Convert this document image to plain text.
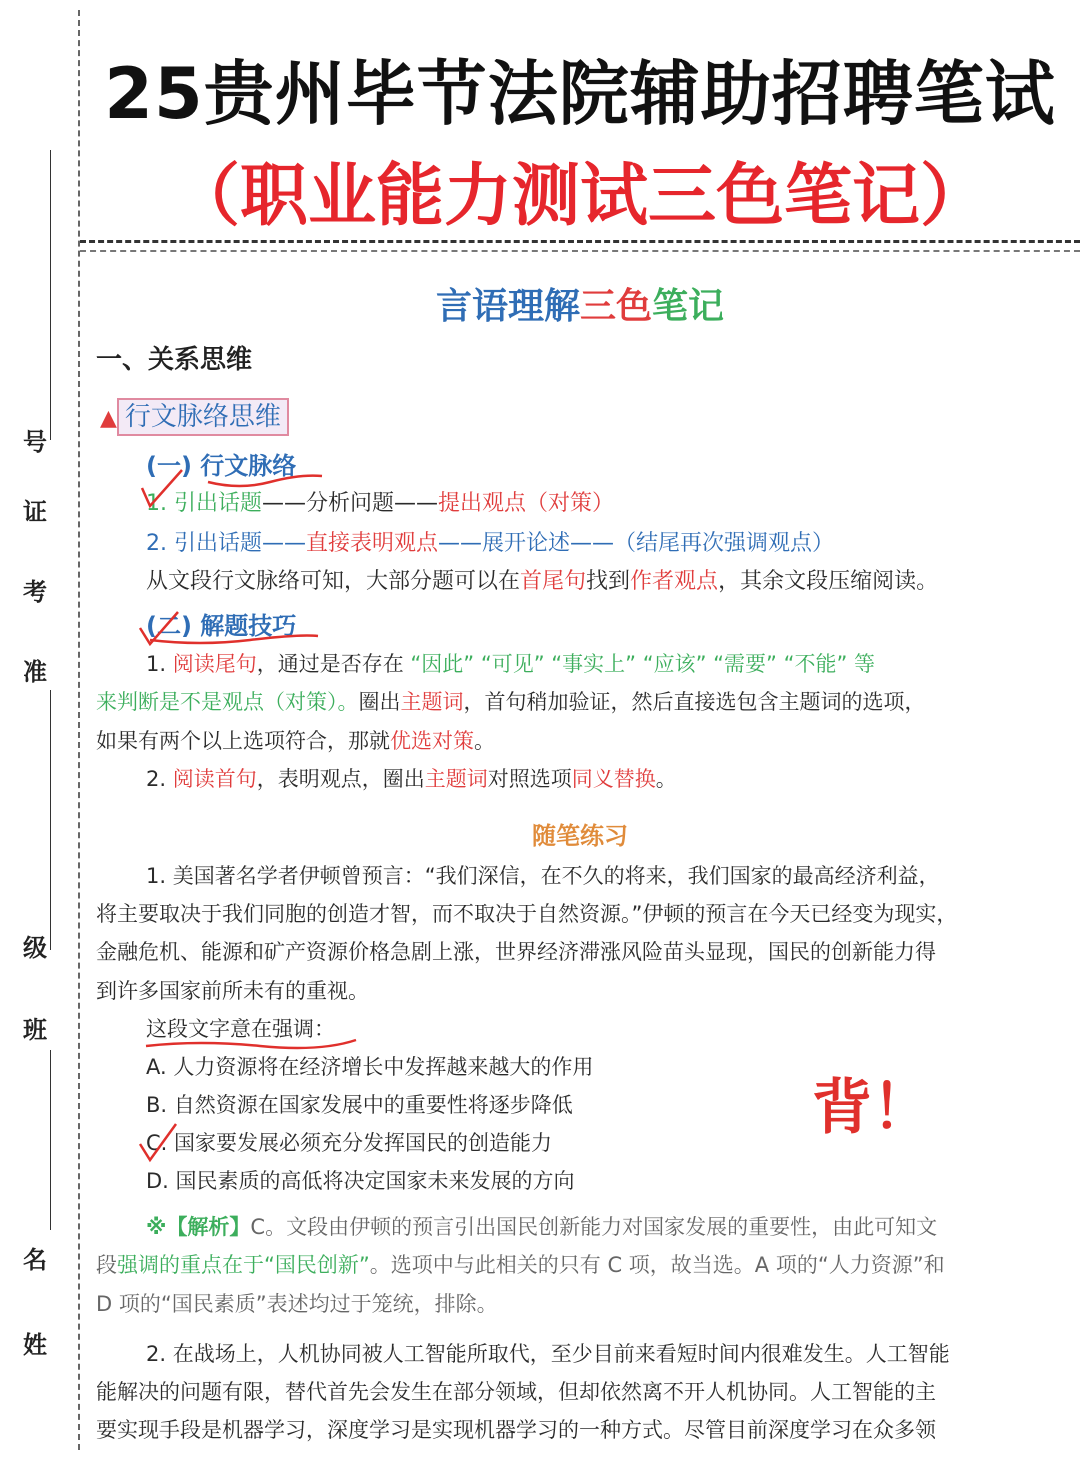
号
证
考
准
级
班
名
姓
25贵州毕节法院辅助招聘笔试
（职业能力测试三色笔记）
言语理解三色笔记
一、关系思维
▲ 行文脉络思维
(一) 行文脉络
1. 引出话题——分析问题——提出观点（对策）
2. 引出话题——直接表明观点——展开论述——（结尾再次强调观点）
从文段行文脉络可知，大部分题可以在首尾句找到作者观点，其余文段压缩阅读。
(二) 解题技巧
1. 阅读尾句，通过是否存在 “因此” “可见” “事实上” “应该” “需要” “不能” 等
来判断是不是观点（对策）。圈出主题词，首句稍加验证，然后直接选包含主题词的选项，
如果有两个以上选项符合，那就优选对策。
2. 阅读首句，表明观点，圈出主题词对照选项同义替换。
随笔练习
1. 美国著名学者伊顿曾预言：“我们深信，在不久的将来，我们国家的最高经济利益，
将主要取决于我们同胞的创造才智，而不取决于自然资源。”伊顿的预言在今天已经变为现实，
金融危机、能源和矿产资源价格急剧上涨，世界经济滞涨风险苗头显现，国民的创新能力得
到许多国家前所未有的重视。
这段文字意在强调：
A. 人力资源将在经济增长中发挥越来越大的作用
B. 自然资源在国家发展中的重要性将逐步降低
C. 国家要发展必须充分发挥国民的创造能力
D. 国民素质的高低将决定国家未来发展的方向
背！
※【解析】C。文段由伊顿的预言引出国民创新能力对国家发展的重要性，由此可知文
段强调的重点在于“国民创新”。选项中与此相关的只有 C 项，故当选。A 项的“人力资源”和
D 项的“国民素质”表述均过于笼统，排除。
2. 在战场上，人机协同被人工智能所取代，至少目前来看短时间内很难发生。人工智能
能解决的问题有限，替代首先会发生在部分领域，但却依然离不开人机协同。人工智能的主
要实现手段是机器学习，深度学习是实现机器学习的一种方式。尽管目前深度学习在众多领
